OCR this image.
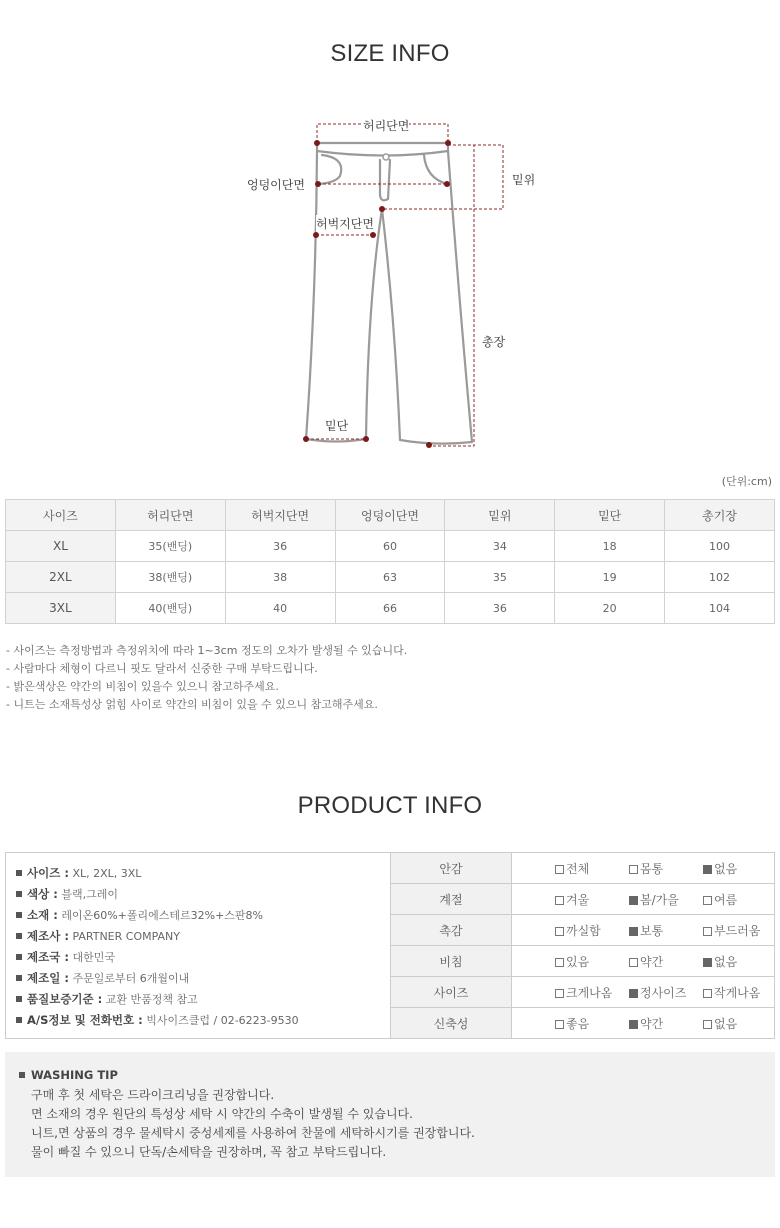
SIZE INFO
허리단면
엉덩이단면
허벅지단면
밑위
총장
밑단
(단위:cm)
사이즈	허리단면	허벅지단면	엉덩이단면	밑위	밑단	총기장
XL	35(밴딩)	36	60	34	18	100
2XL	38(밴딩)	38	63	35	19	102
3XL	40(밴딩)	40	66	36	20	104
- 사이즈는 측정방법과 측정위치에 따라 1~3cm 정도의 오차가 발생될 수 있습니다.
- 사람마다 체형이 다르니 핏도 달라서 신중한 구매 부탁드립니다.
- 밝은색상은 약간의 비침이 있을수 있으니 참고하주세요.
- 니트는 소재특성상 얽힘 사이로 약간의 비침이 있을 수 있으니 참고해주세요.
PRODUCT INFO
사이즈 : XL, 2XL, 3XL
색상 : 블랙,그레이
소재 : 레이온60%+폴리에스테르32%+스판8%
제조사 : PARTNER COMPANY
제조국 : 대한민국
제조일 : 주문일로부터 6개월이내
품질보증기준 : 교환 반품정책 참고
A/S정보 및 전화번호 : 빅사이즈클럽 / 02-6223-9530
안감	전체 몸통 없음
계절	겨울 봄/가을 여름
촉감	까실함 보통 부드러움
비침	있음 약간 없음
사이즈	크게나옴 정사이즈 작게나옴
신축성	좋음 약간 없음
WASHING TIP
구매 후 첫 세탁은 드라이크리닝을 권장합니다.
면 소재의 경우 원단의 특성상 세탁 시 약간의 수축이 발생될 수 있습니다.
니트,면 상품의 경우 물세탁시 중성세제를 사용하여 찬물에 세탁하시기를 권장합니다.
물이 빠질 수 있으니 단독/손세탁을 권장하며, 꼭 참고 부탁드립니다.
